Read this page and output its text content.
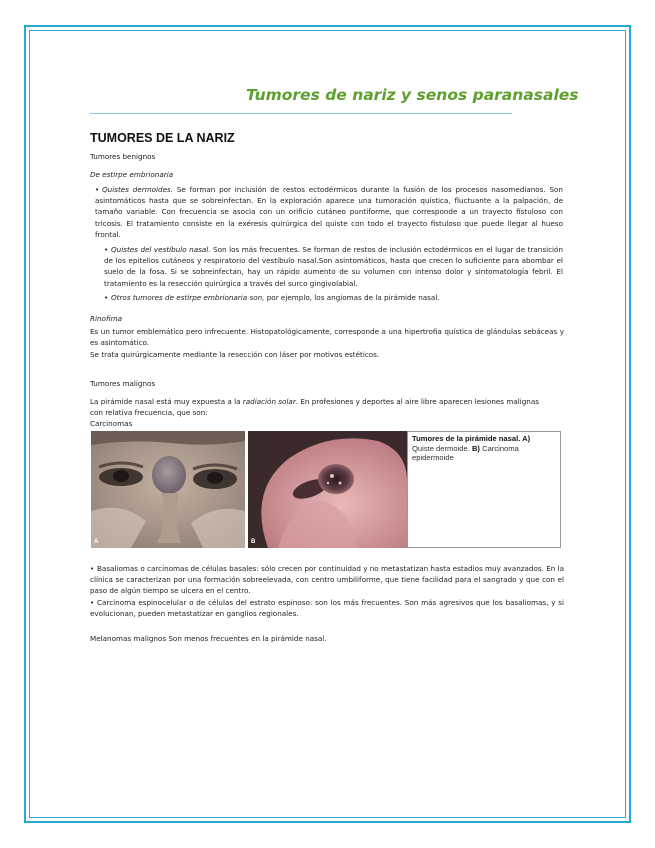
Tumores de nariz y senos paranasales
TUMORES DE LA NARIZ
Tumores benignos
De estirpe embrionaria
• Quistes dermoides. Se forman por inclusión de restos ectodérmicos durante la fusión de los procesos nasomedianos. Son asintomáticos hasta que se sobreinfectan. En la exploración aparece una tumoración quística, fluctuante a la palpación, de tamaño variable. Con frecuencia se asocia con un orificio cutáneo puntiforme, que corresponde a un trayecto fistuloso con tricosis. El tratamiento consiste en la exéresis quirúrgica del quiste con todo el trayecto fistuloso que puede llegar al hueso frontal.
• Quistes del vestíbulo nasal. Son los más frecuentes. Se forman de restos de inclusión ectodérmicos en el lugar de transición de los epitelios cutáneos y respiratorio del vestíbulo nasal.Son asintomáticos, hasta que crecen lo suficiente para abombar el suelo de la fosa. Si se sobreinfectan, hay un rápido aumento de su volumen con intenso dolor y sintomatología febril. El tratamiento es la resección quirúrgica a través del surco gingivolabial.
• Otros tumores de estirpe embrionaria son, por ejemplo, los angiomas de la pirámide nasal.
Rinofima
Es un tumor emblemático pero infrecuente. Histopatológicamente, corresponde a una hipertrofia quística de glándulas sebáceas y es asintomático.
Se trata quirúrgicamente mediante la resección con láser por motivos estéticos.
Tumores malignos
La pirámide nasal está muy expuesta a la radiación solar. En profesiones y deportes al aire libre aparecen lesiones malignas con relativa frecuencia, que son:
Carcinomas
A	B
Tumores de la pirámide nasal. A)
Quiste dermoide. B) Carcinoma epidermoide
• Basaliomas o carcinomas de células basales: sólo crecen por continuidad y no metastatizan hasta estadios muy avanzados. En la clínica se caracterizan por una formación sobreelevada, con centro umbiliforme, que tiene facilidad para el sangrado y que con el paso de algún tiempo se ulcera en el centro.
• Carcinoma espinocelular o de células del estrato espinoso: son los más frecuentes. Son más agresivos que los basaliomas, y si evolucionan, pueden metastatizar en ganglios regionales.
Melanomas malignos Son menos frecuentes en la pirámide nasal.
